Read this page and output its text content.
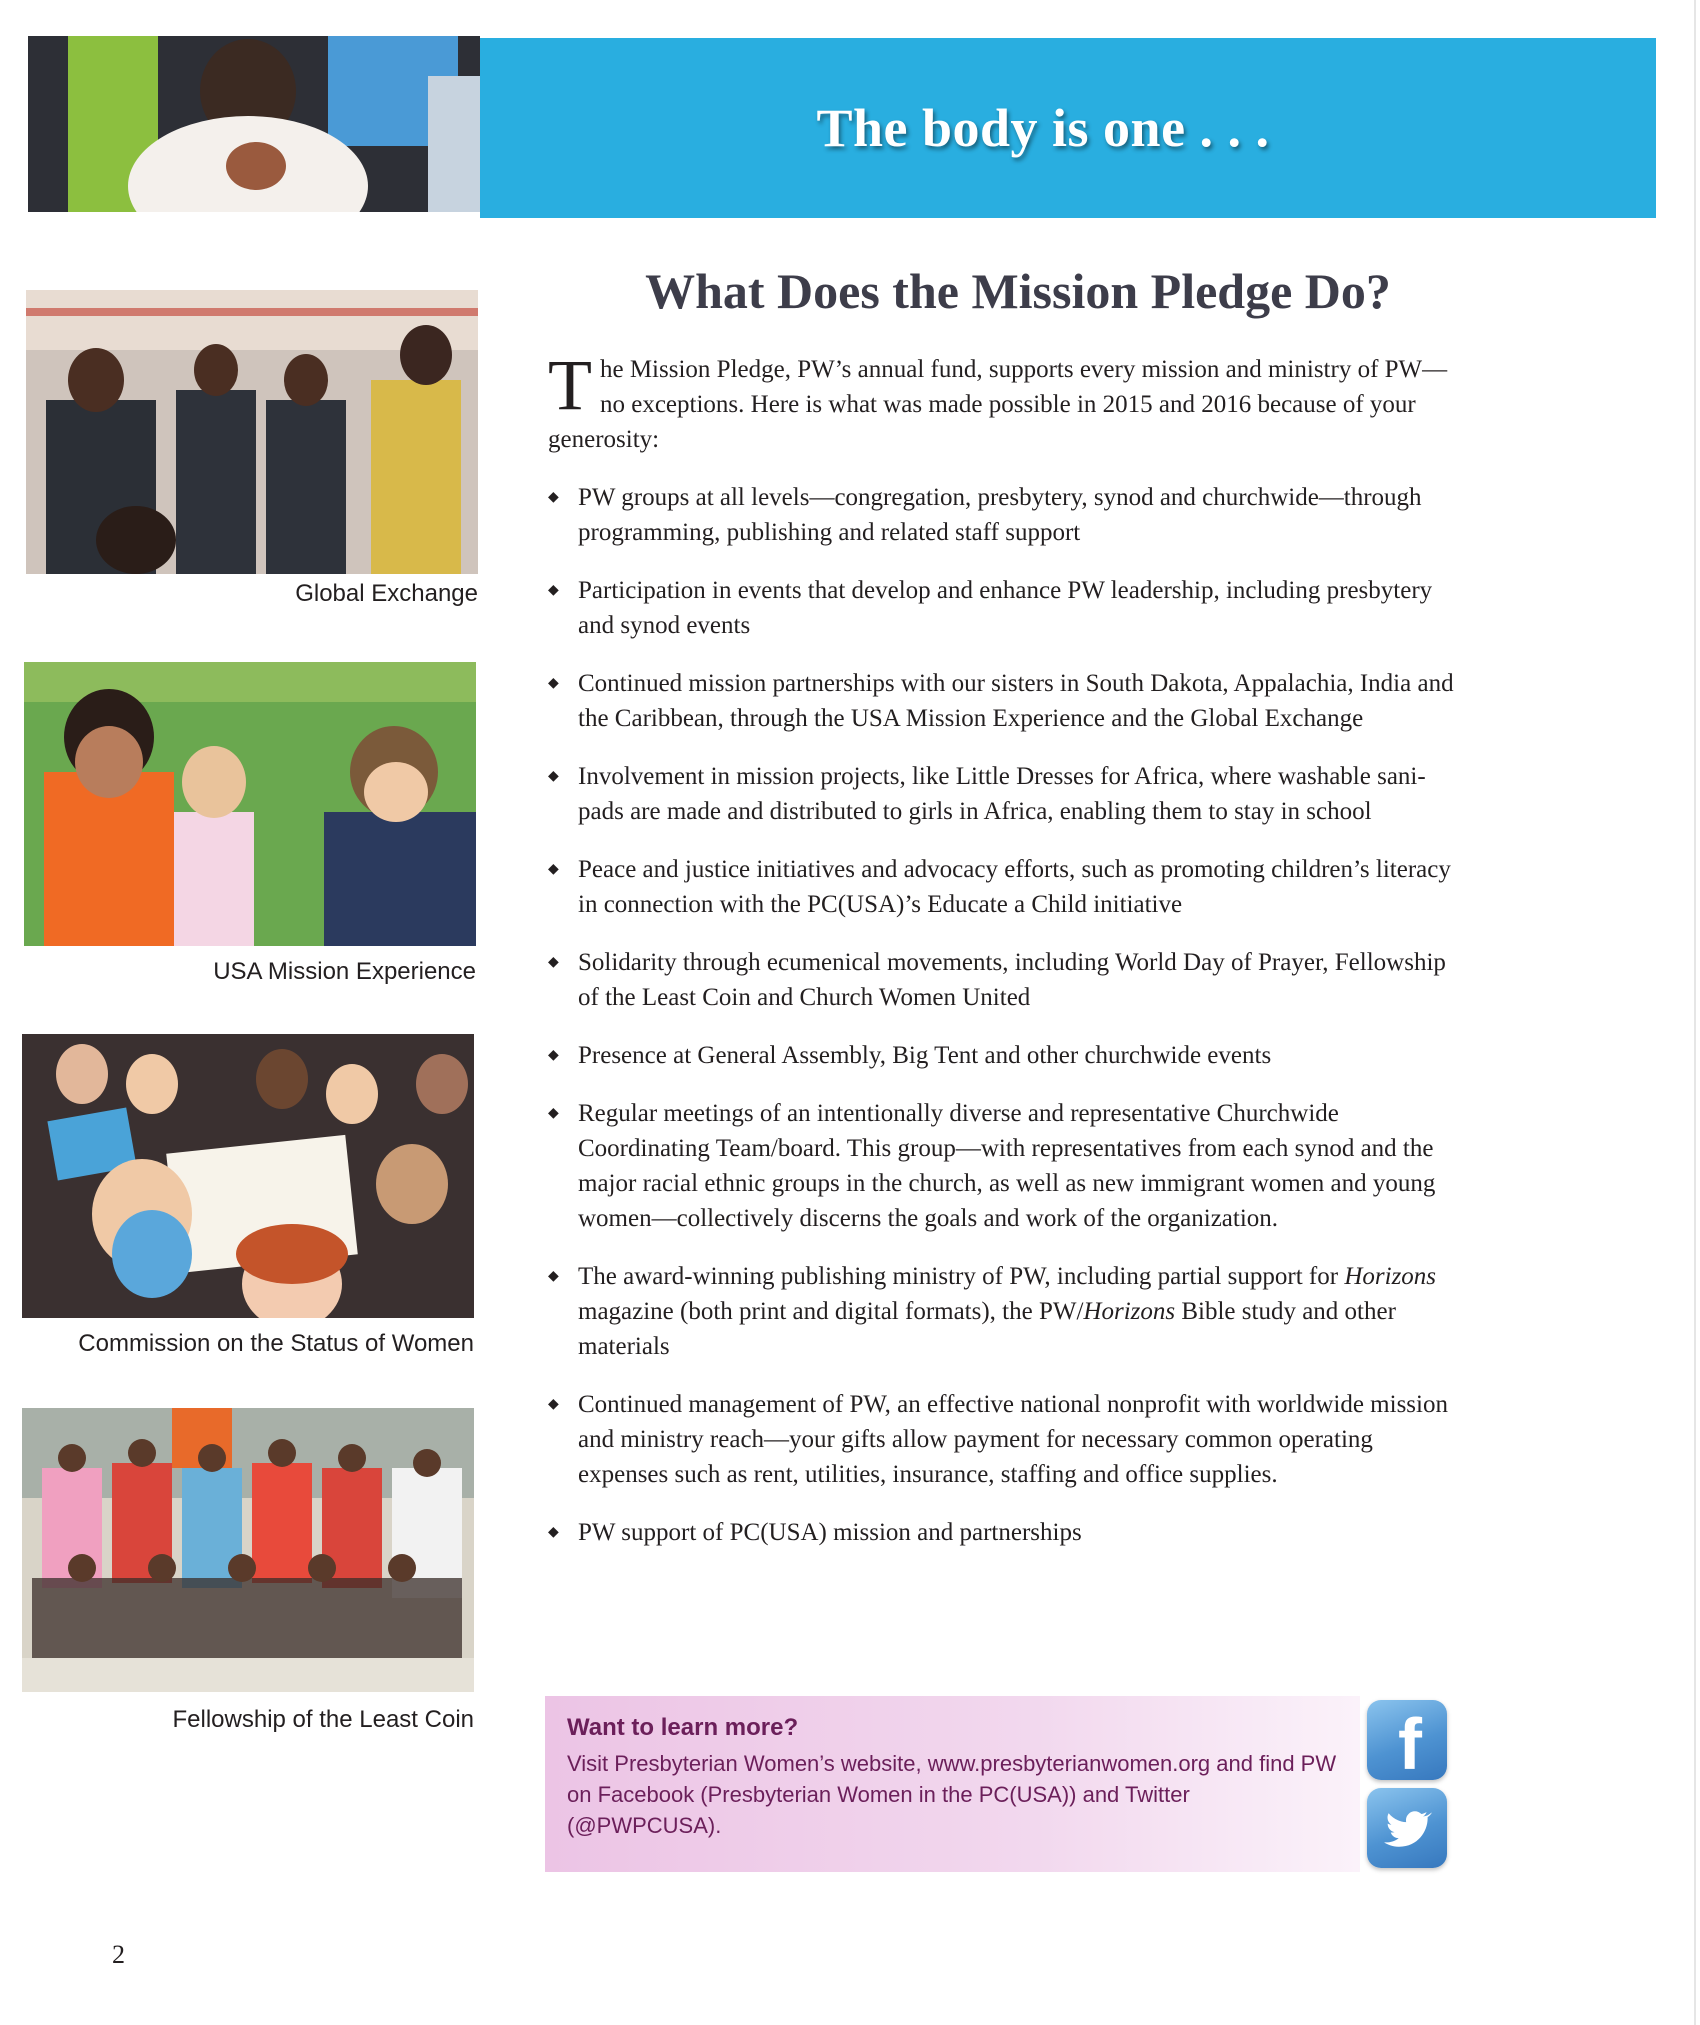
The body is one . . .
Global Exchange
USA Mission Experience
Commission on the Status of Women
Fellowship of the Least Coin
What Does the Mission Pledge Do?

The Mission Pledge, PW’s annual fund, supports every mission and ministry of PW—no exceptions. Here is what was made possible in 2015 and 2016 because of your generosity:

◆ PW groups at all levels—congregation, presbytery, synod and churchwide—through programming, publishing and related staff support
◆ Participation in events that develop and enhance PW leadership, including presbytery and synod events
◆ Continued mission partnerships with our sisters in South Dakota, Appalachia, India and the Caribbean, through the USA Mission Experience and the Global Exchange
◆ Involvement in mission projects, like Little Dresses for Africa, where washable sani-pads are made and distributed to girls in Africa, enabling them to stay in school
◆ Peace and justice initiatives and advocacy efforts, such as promoting children’s literacy in connection with the PC(USA)’s Educate a Child initiative
◆ Solidarity through ecumenical movements, including World Day of Prayer, Fellowship of the Least Coin and Church Women United
◆ Presence at General Assembly, Big Tent and other churchwide events
◆ Regular meetings of an intentionally diverse and representative Churchwide Coordinating Team/board. This group—with representatives from each synod and the major racial ethnic groups in the church, as well as new immigrant women and young women—collectively discerns the goals and work of the organization.
◆ The award-winning publishing ministry of PW, including partial support for Horizons magazine (both print and digital formats), the PW/Horizons Bible study and other materials
◆ Continued management of PW, an effective national nonprofit with worldwide mission and ministry reach—your gifts allow payment for necessary common operating expenses such as rent, utilities, insurance, staffing and office supplies.
◆ PW support of PC(USA) mission and partnerships

Want to learn more?

Visit Presbyterian Women’s website, www.presbyterianwomen.org and find PW on Facebook (Presbyterian Women in the PC(USA)) and Twitter (@PWPCUSA).

f
2
